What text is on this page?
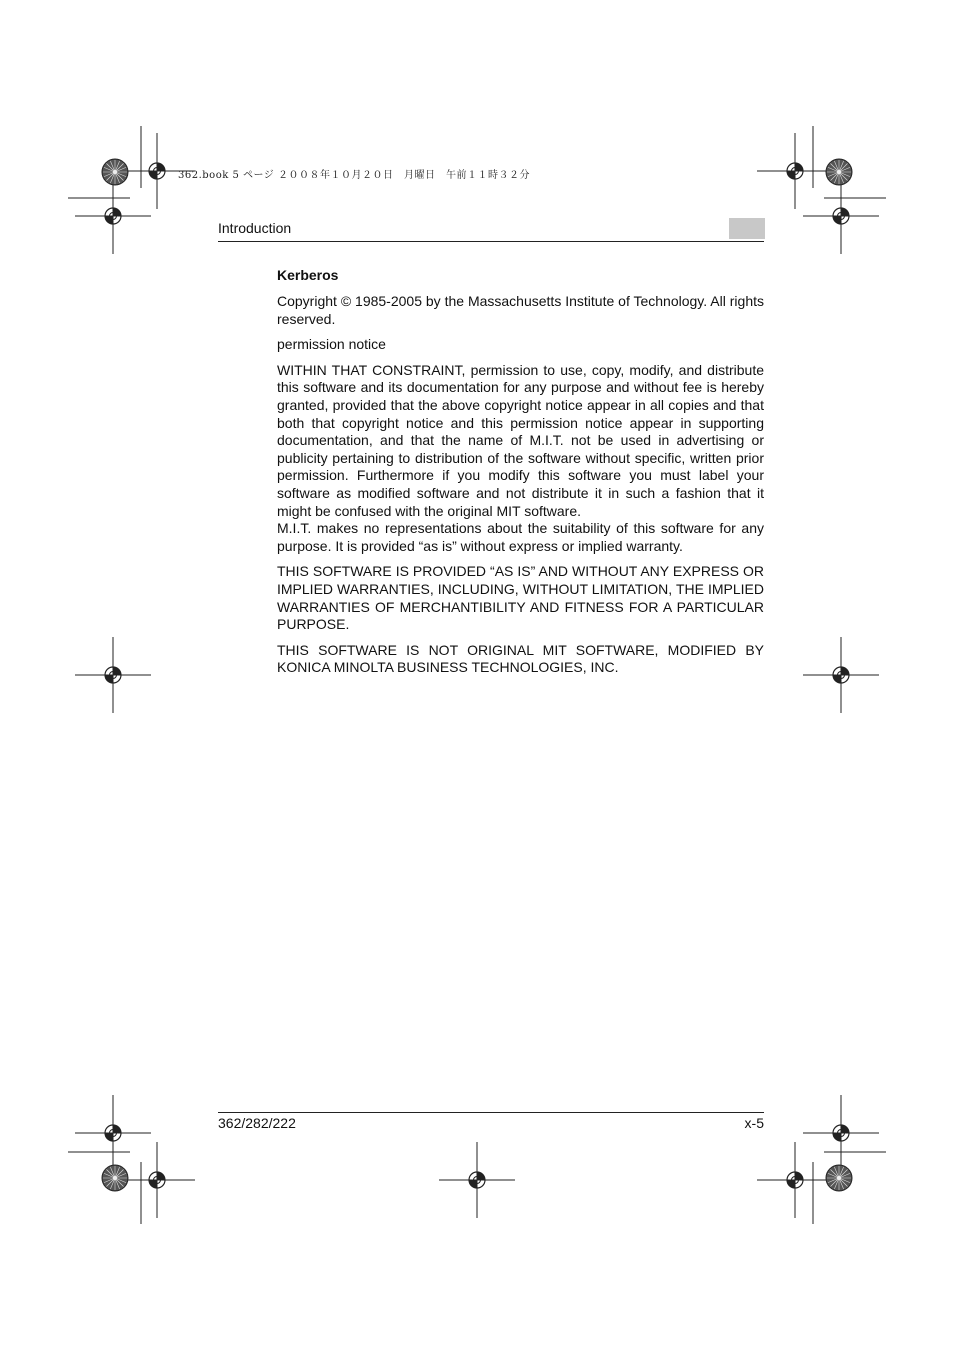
362.book 5 ページ ２００８年１０月２０日　月曜日　午前１１時３２分
Introduction
Kerberos

Copyright © 1985-2005 by the Massachusetts Institute of Technology. All rights reserved.

permission notice

WITHIN THAT CONSTRAINT, permission to use, copy, modify, and distribute this software and its documentation for any purpose and without fee is hereby granted, provided that the above copyright notice appear in all copies and that both that copyright notice and this permission notice appear in supporting documentation, and that the name of M.I.T. not be used in advertising or publicity pertaining to distribution of the software without specific, written prior permission. Furthermore if you modify this software you must label your software as modified software and not distribute it in such a fashion that it might be confused with the original MIT software.

M.I.T. makes no representations about the suitability of this software for any purpose. It is provided “as is” without express or implied warranty.

THIS SOFTWARE IS PROVIDED “AS IS” AND WITHOUT ANY EXPRESS OR IMPLIED WARRANTIES, INCLUDING, WITHOUT LIMITATION, THE IMPLIED WARRANTIES OF MERCHANTIBILITY AND FITNESS FOR A PARTICULAR PURPOSE.

THIS SOFTWARE IS NOT ORIGINAL MIT SOFTWARE, MODIFIED BY KONICA MINOLTA BUSINESS TECHNOLOGIES, INC.

362/282/222	x-5
